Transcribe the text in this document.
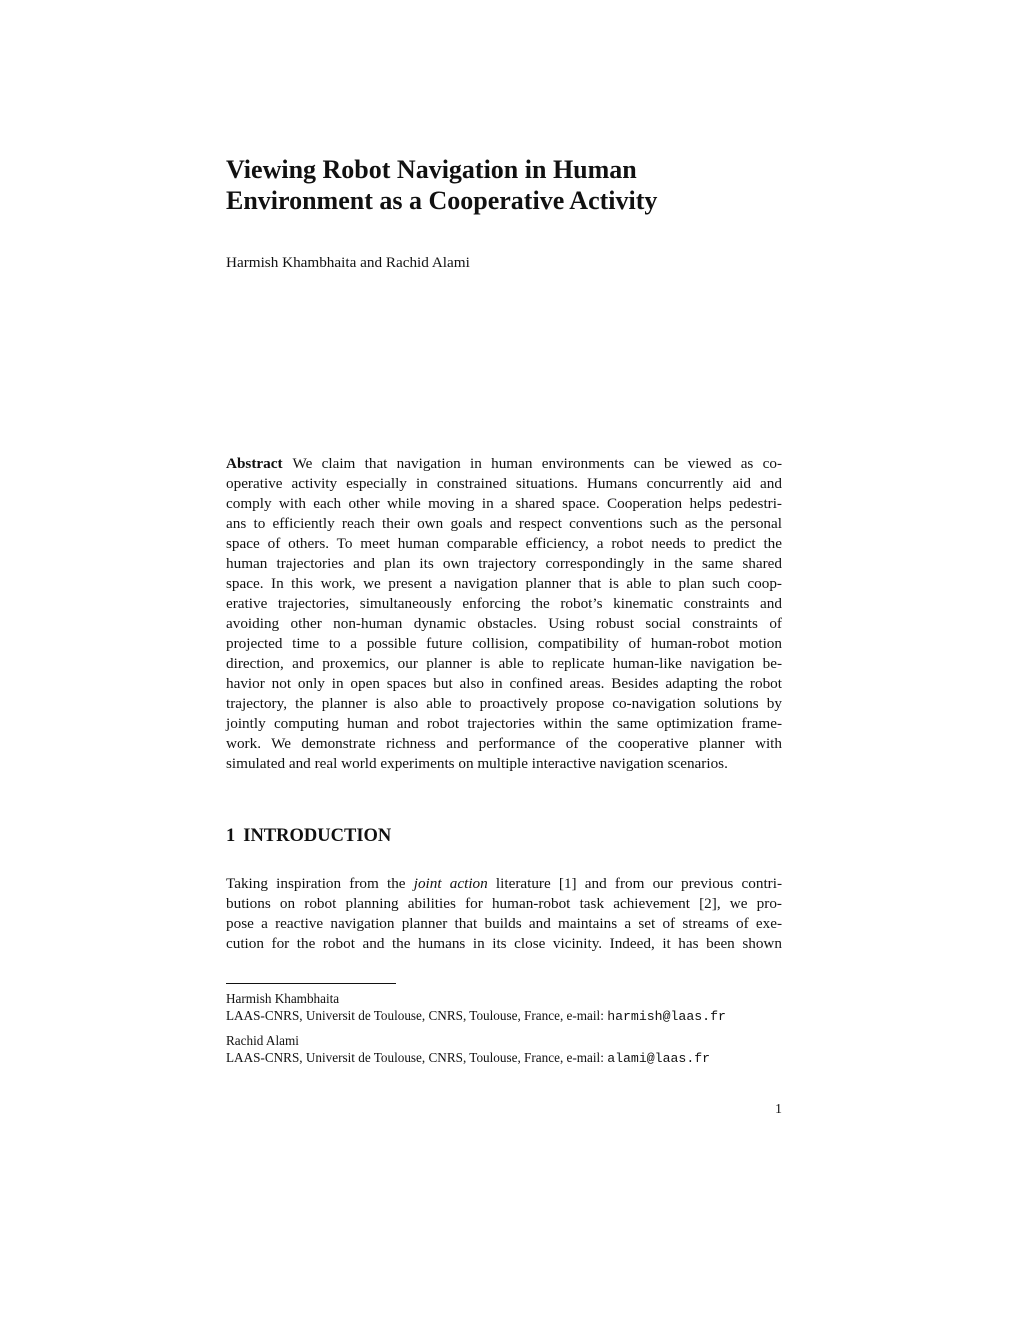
Viewing Robot Navigation in Human
Environment as a Cooperative Activity
Harmish Khambhaita and Rachid Alami
Abstract We claim that navigation in human environments can be viewed as co-
operative activity especially in constrained situations. Humans concurrently aid and
comply with each other while moving in a shared space. Cooperation helps pedestri-
ans to efficiently reach their own goals and respect conventions such as the personal
space of others. To meet human comparable efficiency, a robot needs to predict the
human trajectories and plan its own trajectory correspondingly in the same shared
space. In this work, we present a navigation planner that is able to plan such coop-
erative trajectories, simultaneously enforcing the robot’s kinematic constraints and
avoiding other non-human dynamic obstacles. Using robust social constraints of
projected time to a possible future collision, compatibility of human-robot motion
direction, and proxemics, our planner is able to replicate human-like navigation be-
havior not only in open spaces but also in confined areas. Besides adapting the robot
trajectory, the planner is also able to proactively propose co-navigation solutions by
jointly computing human and robot trajectories within the same optimization frame-
work. We demonstrate richness and performance of the cooperative planner with
simulated and real world experiments on multiple interactive navigation scenarios.
1 INTRODUCTION
Taking inspiration from the joint action literature [1] and from our previous contri-
butions on robot planning abilities for human-robot task achievement [2], we pro-
pose a reactive navigation planner that builds and maintains a set of streams of exe-
cution for the robot and the humans in its close vicinity. Indeed, it has been shown
Harmish Khambhaita
LAAS-CNRS, Universit de Toulouse, CNRS, Toulouse, France, e-mail: harmish@laas.fr
Rachid Alami
LAAS-CNRS, Universit de Toulouse, CNRS, Toulouse, France, e-mail: alami@laas.fr
1
